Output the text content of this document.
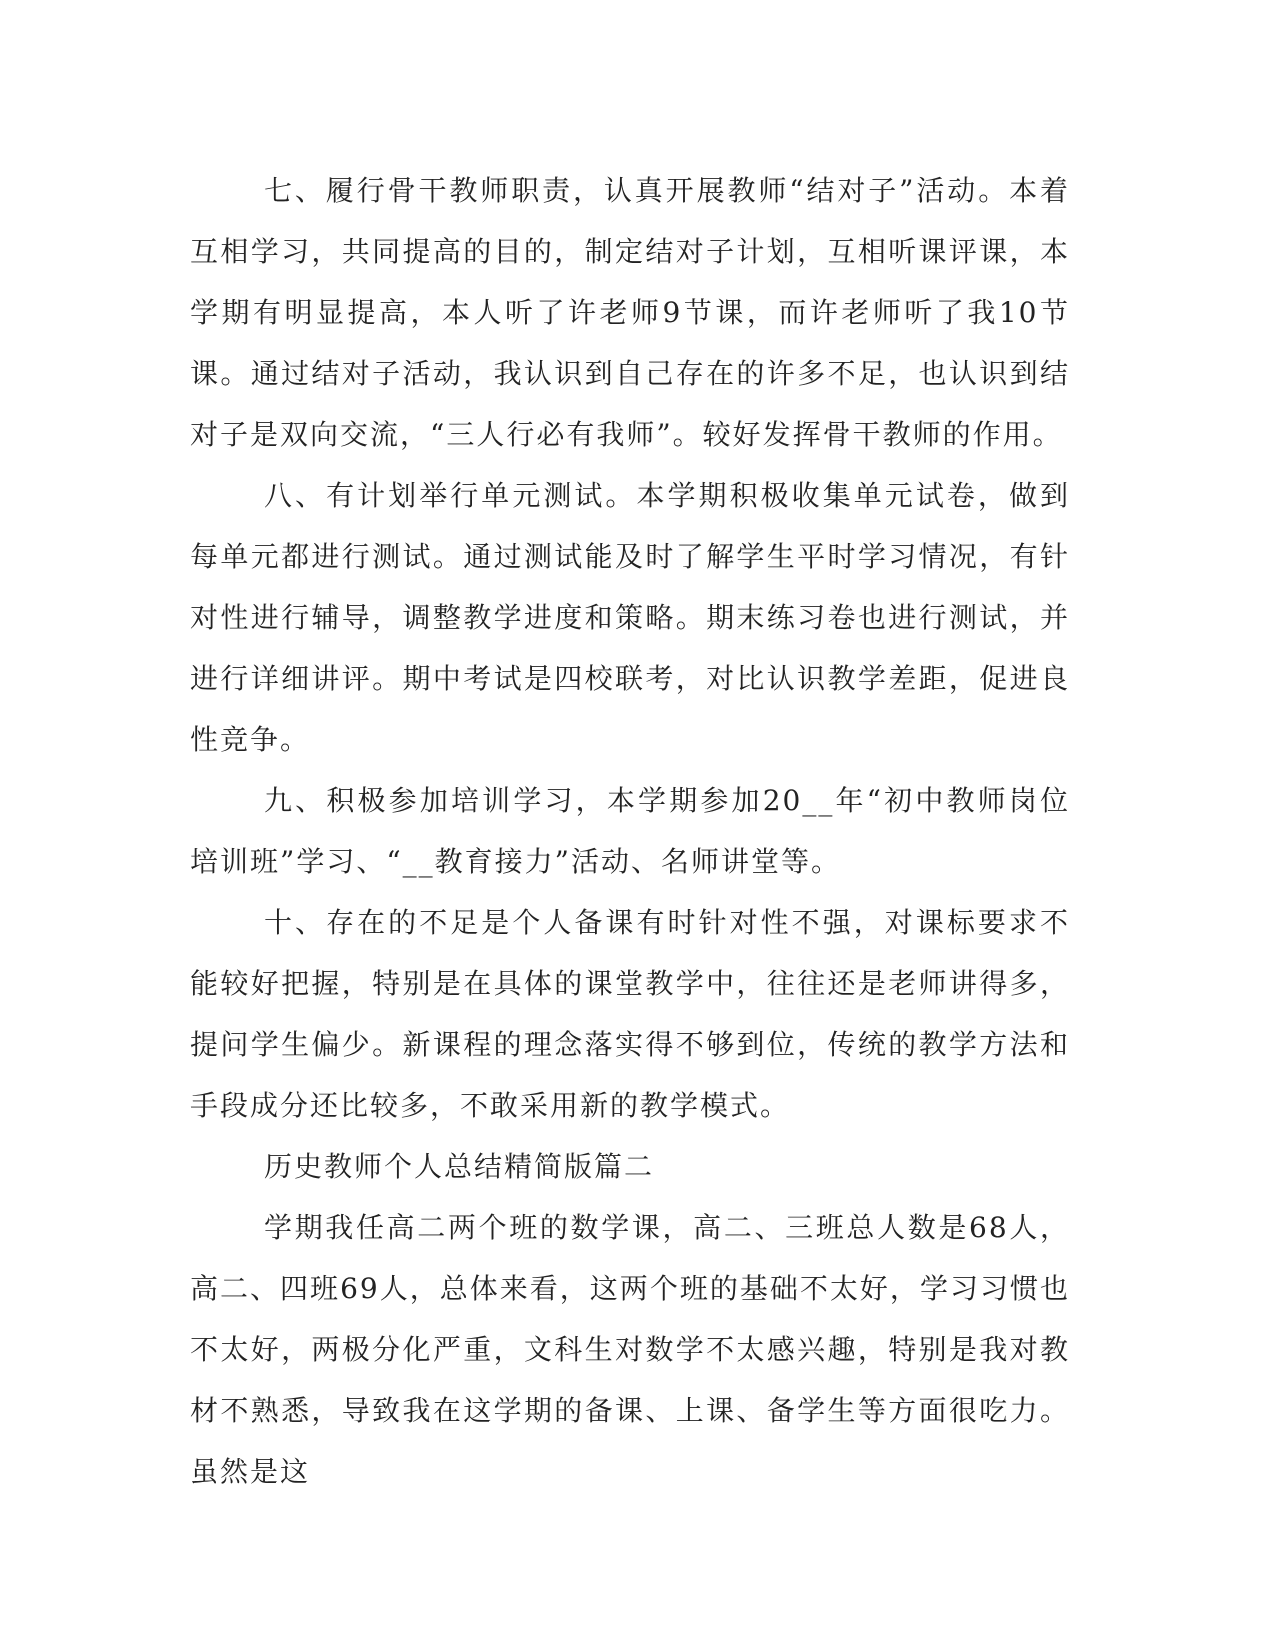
七、履行骨干教师职责，认真开展教师“结对子”活动。本着互相学习，共同提高的目的，制定结对子计划，互相听课评课，本学期有明显提高，本人听了许老师9节课，而许老师听了我10节课。通过结对子活动，我认识到自己存在的许多不足，也认识到结对子是双向交流，“三人行必有我师”。较好发挥骨干教师的作用。

八、有计划举行单元测试。本学期积极收集单元试卷，做到每单元都进行测试。通过测试能及时了解学生平时学习情况，有针对性进行辅导，调整教学进度和策略。期末练习卷也进行测试，并进行详细讲评。期中考试是四校联考，对比认识教学差距，促进良性竞争。

九、积极参加培训学习，本学期参加20__年“初中教师岗位培训班”学习、“__教育接力”活动、名师讲堂等。

十、存在的不足是个人备课有时针对性不强，对课标要求不能较好把握，特别是在具体的课堂教学中，往往还是老师讲得多，提问学生偏少。新课程的理念落实得不够到位，传统的教学方法和手段成分还比较多，不敢采用新的教学模式。

历史教师个人总结精简版篇二

学期我任高二两个班的数学课，高二、三班总人数是68人，高二、四班69人，总体来看，这两个班的基础不太好，学习习惯也不太好，两极分化严重，文科生对数学不太感兴趣，特别是我对教材不熟悉，导致我在这学期的备课、上课、备学生等方面很吃力。虽然是这
